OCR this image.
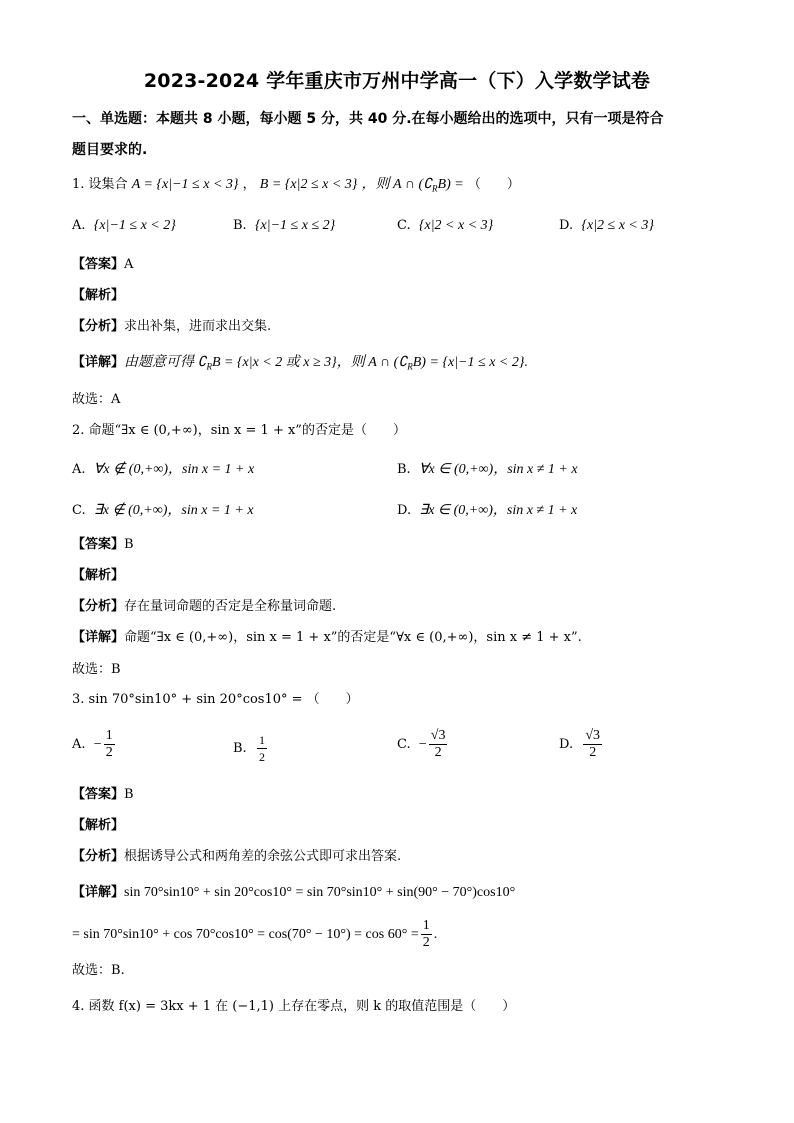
2023-2024 学年重庆市万州中学高一（下）入学数学试卷
一、单选题：本题共 8 小题，每小题 5 分，共 40 分.在每小题给出的选项中，只有一项是符合
题目要求的.
1. 设集合 A = {x|−1 ≤ x < 3} ， B = {x|2 ≤ x < 3} ，则 A ∩ $(∁_RB)$ = （　　）
A. {x|−1 ≤ x < 2}	B. {x|−1 ≤ x ≤ 2}	C. {x|2 < x < 3}	D. {x|2 ≤ x < 3}
【答案】A
【解析】
【分析】求出补集，进而求出交集.
【详解】由题意可得 $∁_RB = \{x|x < 2$ 或 x ≥ 3}，则 A ∩ $(∁_RB) = \{x|-1 \le x < 2\}$.
故选：A
2. 命题“∃x ∈ (0,+∞)，sin x = 1 + x”的否定是（　　）
A. ∀x ∉ (0,+∞)，sin x = 1 + x	B. ∀x ∈ (0,+∞)，sin x ≠ 1 + x
C. ∃x ∉ (0,+∞)，sin x = 1 + x	D. ∃x ∈ (0,+∞)，sin x ≠ 1 + x
【答案】B
【解析】
【分析】存在量词命题的否定是全称量词命题.
【详解】命题“∃x ∈ (0,+∞)，sin x = 1 + x”的否定是“∀x ∈ (0,+∞)，sin x ≠ 1 + x”.
故选：B
3. sin 70°sin10° + sin 20°cos10° = （　　）
A. − $\frac{1}{2}$	B. $\frac{1}{2}$	C. − $\frac{√3}{2}$	D. $\frac{√3}{2}$
【答案】B
【解析】
【分析】根据诱导公式和两角差的余弦公式即可求出答案.
【详解】sin 70°sin10° + sin 20°cos10° = sin 70°sin10° + sin(90° − 70°)cos10°
= $\sin 70^\circ\sin 10^\circ + \cos 70^\circ\cos 10^\circ = \cos(70^\circ - 10^\circ) = \cos 60^\circ = \frac{1}{2}$ .
故选：B.
4. 函数 f(x) = 3kx + 1 在 (−1,1) 上存在零点，则 k 的取值范围是（　　）
